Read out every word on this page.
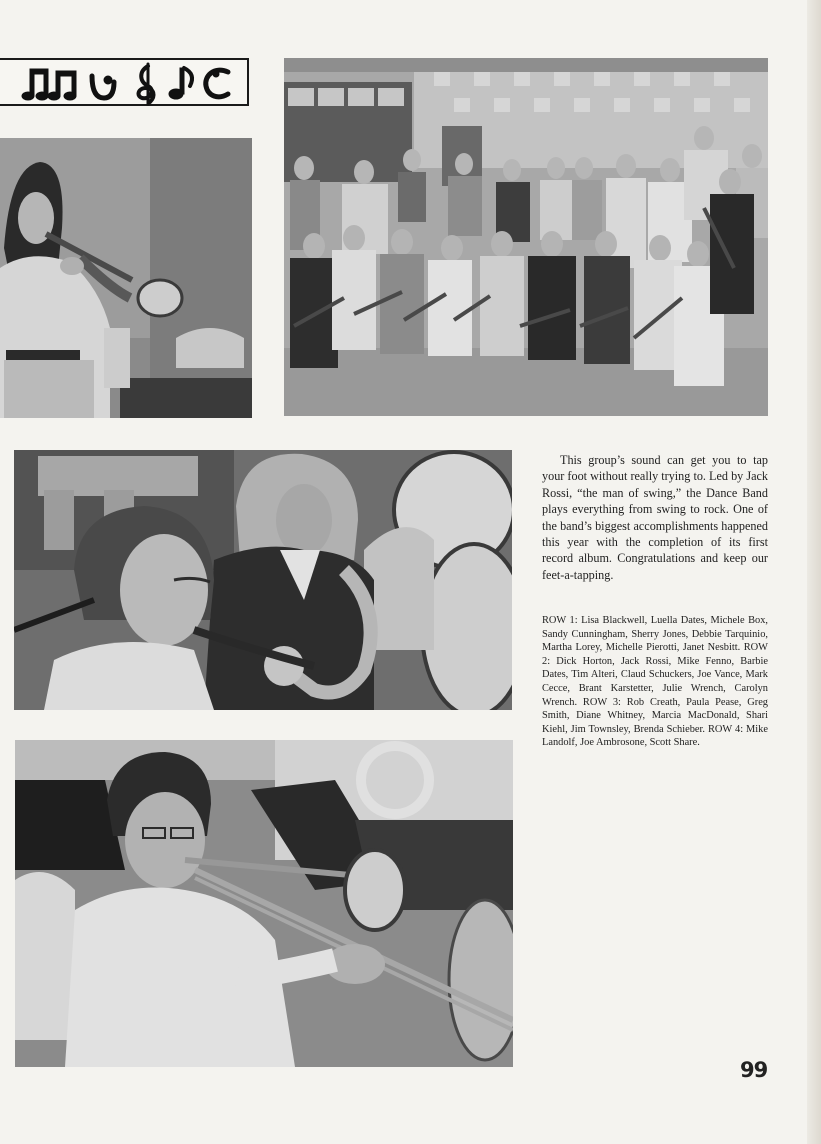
This group’s sound can get you to tap your foot without really trying to. Led by Jack Rossi, “the man of swing,” the Dance Band plays everything from swing to rock. One of the band’s biggest accomplishments happened this year with the completion of its first record album. Congratulations and keep our feet-a-tapping.

ROW 1: Lisa Blackwell, Luella Dates, Michele Box, Sandy Cunningham, Sherry Jones, Debbie Tarquinio, Martha Lorey, Michelle Pierotti, Janet Nesbitt. ROW 2: Dick Horton, Jack Rossi, Mike Fenno, Barbie Dates, Tim Alteri, Claud Schuckers, Joe Vance, Mark Cecce, Brant Karstetter, Julie Wrench, Carolyn Wrench. ROW 3: Rob Creath, Paula Pease, Greg Smith, Diane Whitney, Marcia MacDonald, Shari Kiehl, Jim Townsley, Brenda Schieber. ROW 4: Mike Landolf, Joe Ambrosone, Scott Share.

99
